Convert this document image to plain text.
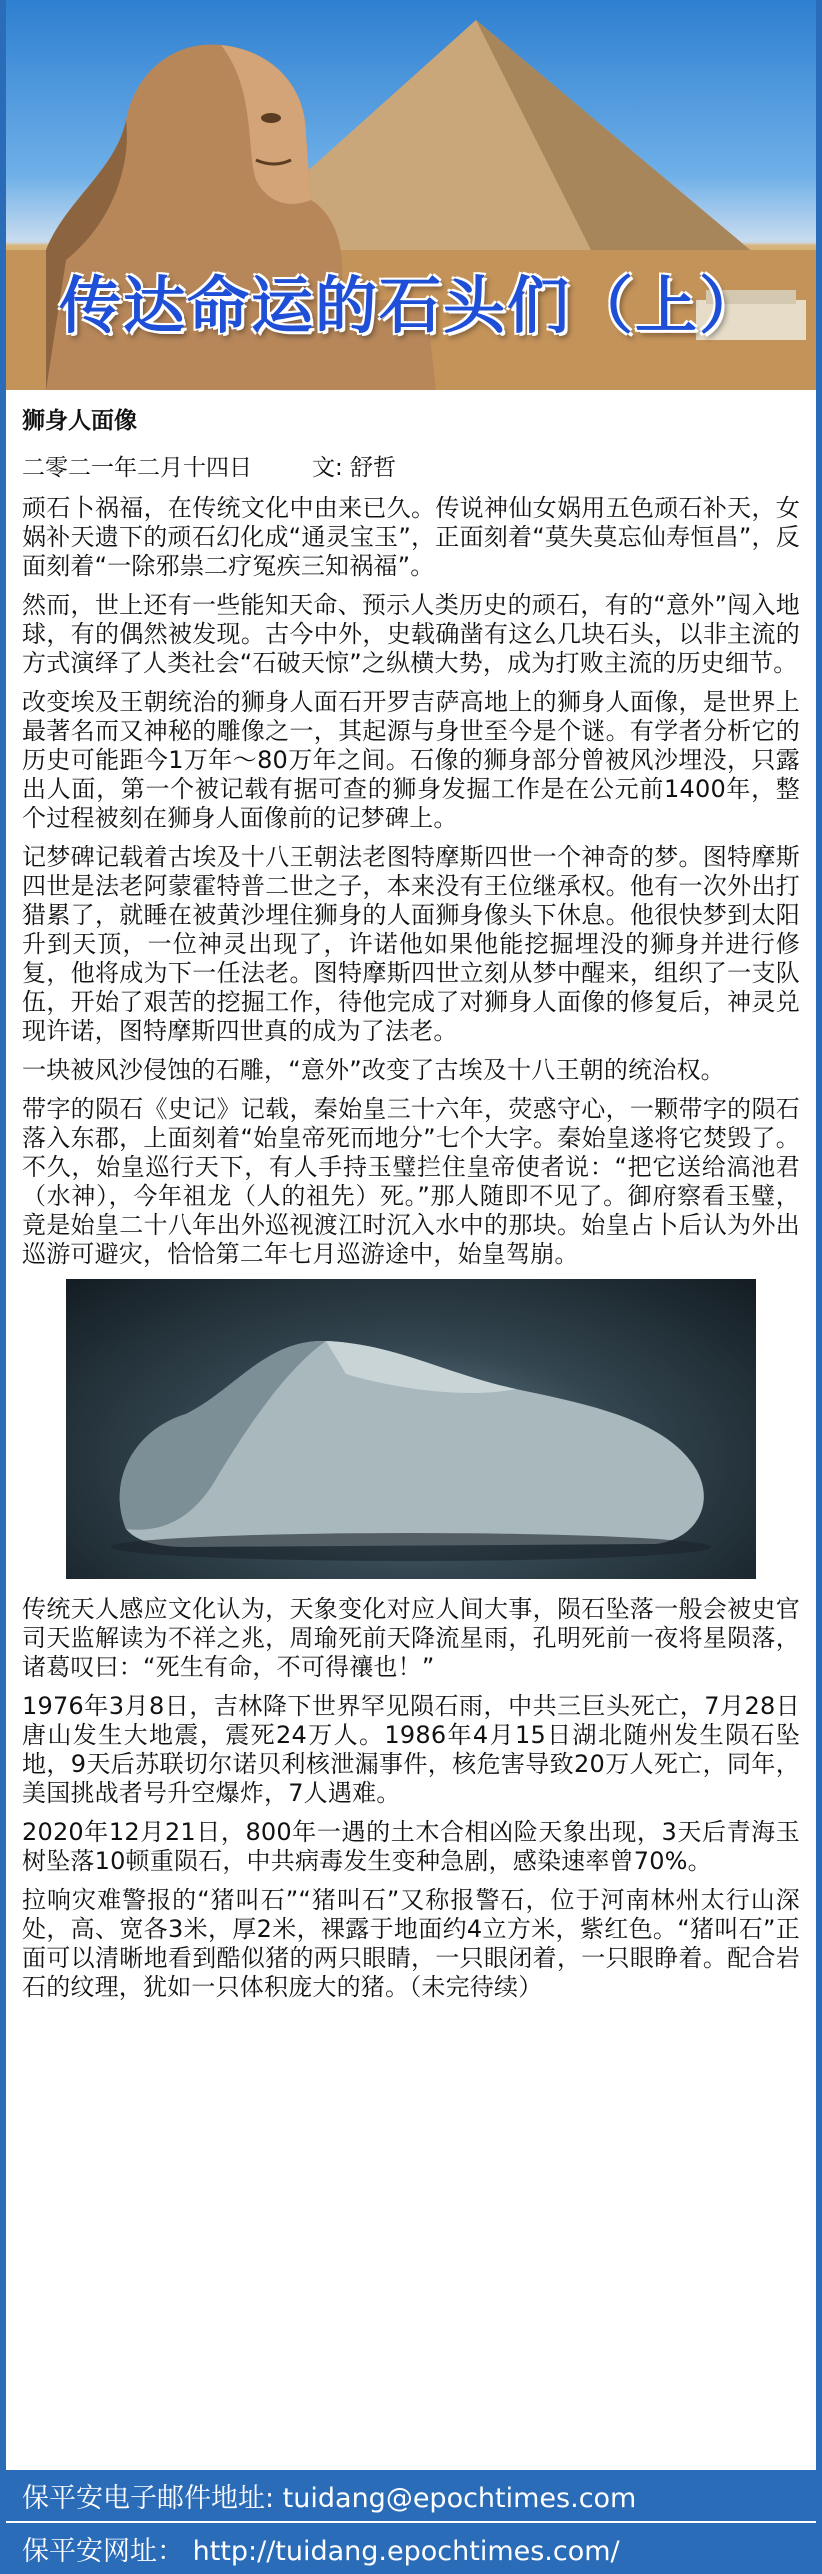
传达命运的石头们（上）
狮身人面像
二零二一年二月十四日	文: 舒哲

顽石卜祸福，在传统文化中由来已久。传说神仙女娲用五色顽石补天，女娲补天遗下的顽石幻化成“通灵宝玉”，正面刻着“莫失莫忘仙寿恒昌”，反面刻着“一除邪祟二疗冤疾三知祸福”。

然而，世上还有一些能知天命、预示人类历史的顽石，有的“意外”闯入地球，有的偶然被发现。古今中外，史载确凿有这么几块石头，以非主流的方式演绎了人类社会“石破天惊”之纵横大势，成为打败主流的历史细节。

改变埃及王朝统治的狮身人面石开罗吉萨高地上的狮身人面像，是世界上最著名而又神秘的雕像之一，其起源与身世至今是个谜。有学者分析它的历史可能距今1万年～80万年之间。石像的狮身部分曾被风沙埋没，只露出人面，第一个被记载有据可查的狮身发掘工作是在公元前1400年，整个过程被刻在狮身人面像前的记梦碑上。

记梦碑记载着古埃及十八王朝法老图特摩斯四世一个神奇的梦。图特摩斯四世是法老阿蒙霍特普二世之子，本来没有王位继承权。他有一次外出打猎累了，就睡在被黄沙埋住狮身的人面狮身像头下休息。他很快梦到太阳升到天顶，一位神灵出现了，许诺他如果他能挖掘埋没的狮身并进行修复，他将成为下一任法老。图特摩斯四世立刻从梦中醒来，组织了一支队伍，开始了艰苦的挖掘工作，待他完成了对狮身人面像的修复后，神灵兑现许诺，图特摩斯四世真的成为了法老。

一块被风沙侵蚀的石雕，“意外”改变了古埃及十八王朝的统治权。

带字的陨石《史记》记载，秦始皇三十六年，荧惑守心，一颗带字的陨石落入东郡，上面刻着“始皇帝死而地分”七个大字。秦始皇遂将它焚毁了。不久，始皇巡行天下，有人手持玉璧拦住皇帝使者说：“把它送给滈池君（水神），今年祖龙（人的祖先）死。”那人随即不见了。御府察看玉璧，竟是始皇二十八年出外巡视渡江时沉入水中的那块。始皇占卜后认为外出巡游可避灾，恰恰第二年七月巡游途中，始皇驾崩。

传统天人感应文化认为，天象变化对应人间大事，陨石坠落一般会被史官司天监解读为不祥之兆，周瑜死前天降流星雨，孔明死前一夜将星陨落，诸葛叹曰：“死生有命，不可得禳也！”

1976年3月8日，吉林降下世界罕见陨石雨，中共三巨头死亡，7月28日唐山发生大地震，震死24万人。1986年4月15日湖北随州发生陨石坠地，9天后苏联切尔诺贝利核泄漏事件，核危害导致20万人死亡，同年，美国挑战者号升空爆炸，7人遇难。

2020年12月21日，800年一遇的土木合相凶险天象出现，3天后青海玉树坠落10顿重陨石，中共病毒发生变种急剧，感染速率曾70%。

拉响灾难警报的“猪叫石”“猪叫石”又称报警石，位于河南林州太行山深处，高、宽各3米，厚2米，裸露于地面约4立方米，紫红色。“猪叫石”正面可以清晰地看到酷似猪的两只眼睛，一只眼闭着，一只眼睁着。配合岩石的纹理，犹如一只体积庞大的猪。（未完待续）

保平安电子邮件地址: tuidang@epochtimes.com
保平安网址： http://tuidang.epochtimes.com/
